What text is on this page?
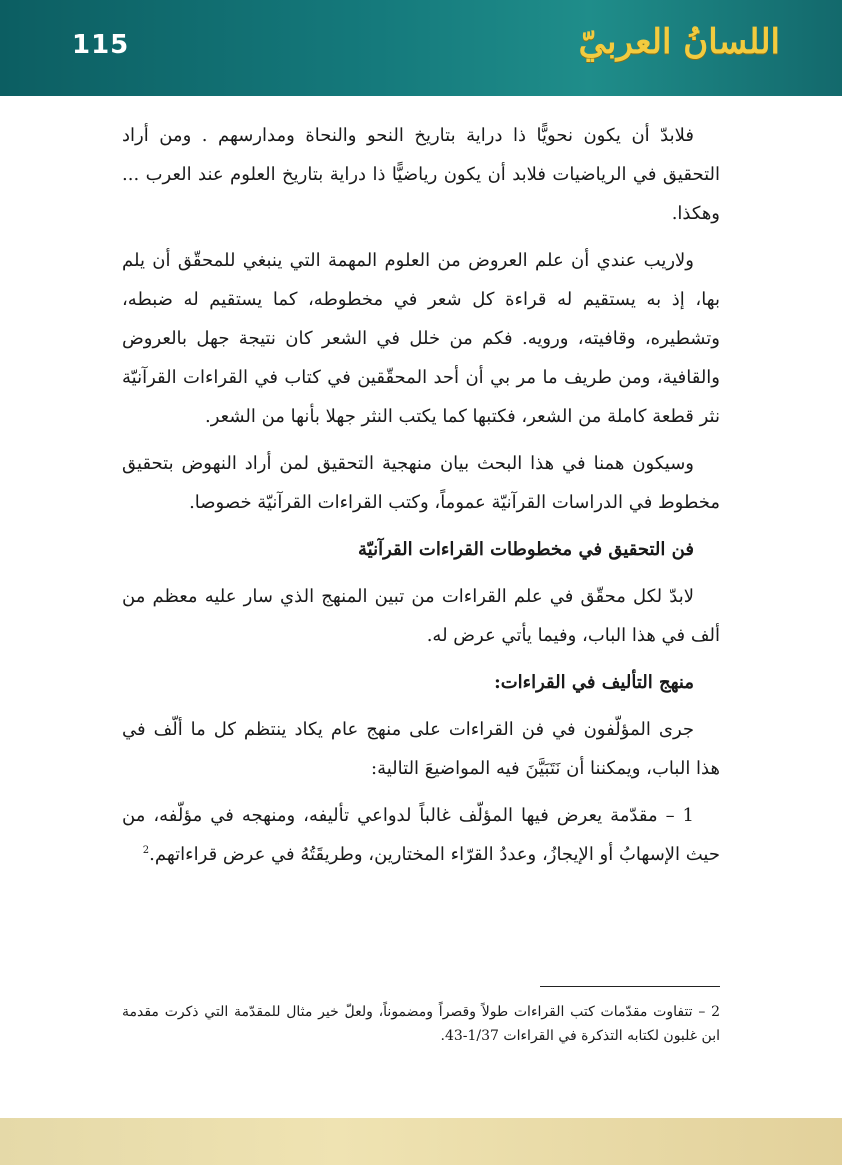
115	اللسانُ العربيّ

فلابدّ أن يكون نحويًّا ذا دراية بتاريخ النحو والنحاة ومدارسهم . ومن أراد التحقيق في الرياضيات فلابد أن يكون رياضيًّا ذا دراية بتاريخ العلوم عند العرب ... وهكذا.

ولاريب عندي أن علم العروض من العلوم المهمة التي ينبغي للمحقّق أن يلم بها، إذ به يستقيم له قراءة كل شعر في مخطوطه، كما يستقيم له ضبطه، وتشطيره، وقافيته، ورويه. فكم من خلل في الشعر كان نتيجة جهل بالعروض والقافية، ومن طريف ما مر بي أن أحد المحقّقين في كتاب في القراءات القرآنيّة نثر قطعة كاملة من الشعر، فكتبها كما يكتب النثر جهلا بأنها من الشعر.

وسيكون همنا في هذا البحث بيان منهجية التحقيق لمن أراد النهوض بتحقيق مخطوط في الدراسات القرآنيّة عموماً، وكتب القراءات القرآنيّة خصوصا.

فن التحقيق في مخطوطات القراءات القرآنيّة

لابدّ لكل محقّق في علم القراءات من تبين المنهج الذي سار عليه معظم من ألف في هذا الباب، وفيما يأتي عرض له.

منهج التأليف في القراءات:

جرى المؤلّفون في فن القراءات على منهج عام يكاد ينتظم كل ما ألّف في هذا الباب، ويمكننا أن نَتَبَيَّنَ فيه المواضيعَ التالية:

1 – مقدّمة يعرض فيها المؤلّف غالباً لدواعي تأليفه، ومنهجه في مؤلّفه، من حيث الإسهابُ أو الإيجازُ، وعددُ القرّاء المختارين، وطريقَتُهُ في عرض قراءاتهم.$^2$

2 – تتفاوت مقدّمات كتب القراءات طولاً وقصراً ومضموناً، ولعلّ خير مثال للمقدّمة التي ذكرت مقدمة ابن غلبون لكتابه التذكرة في القراءات 1/37-43.
